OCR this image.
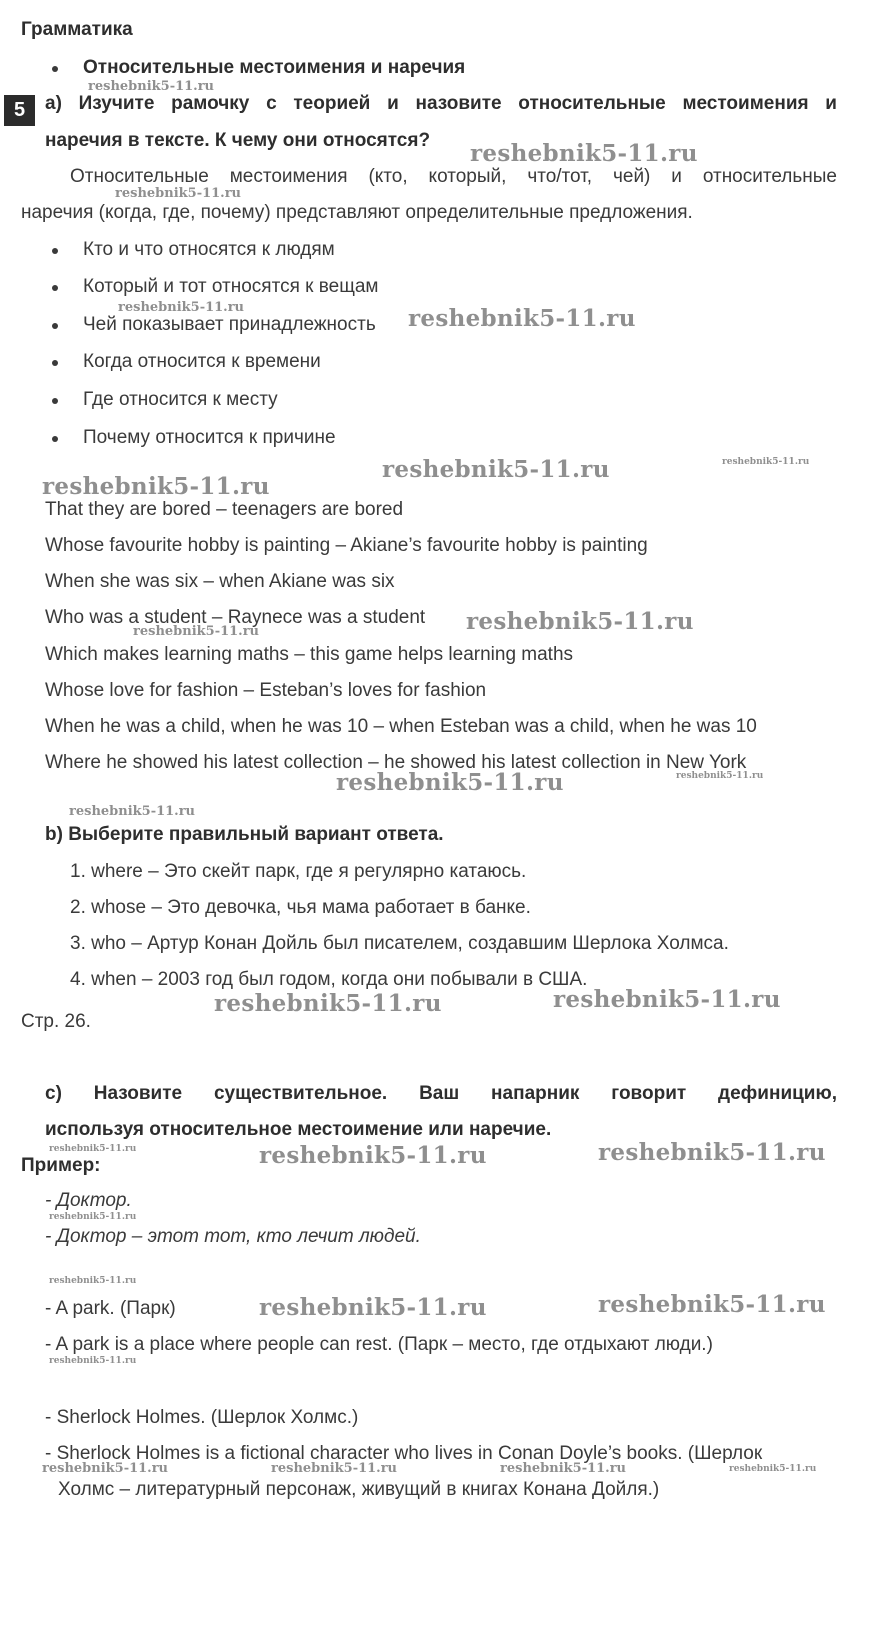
Грамматика
Относительные местоимения и наречия
5	а) Изучите рамочку с теорией и назовите относительные местоимения и
наречия в тексте. К чему они относятся?
Относительные местоимения (кто, который, что/тот, чей) и относительные
наречия (когда, где, почему) представляют определительные предложения.
Кто и что относятся к людям
Который и тот относятся к вещам
Чей показывает принадлежность
Когда относится к времени
Где относится к месту
Почему относится к причине
That they are bored – teenagers are bored
Whose favourite hobby is painting – Akiane’s favourite hobby is painting
When she was six – when Akiane was six
Who was a student – Raynece was a student
Which makes learning maths – this game helps learning maths
Whose love for fashion – Esteban’s loves for fashion
When he was a child, when he was 10 – when Esteban was a child, when he was 10
Where he showed his latest collection – he showed his latest collection in New York
b) Выберите правильный вариант ответа.
1. where – Это скейт парк, где я регулярно катаюсь.
2. whose – Это девочка, чья мама работает в банке.
3. who – Артур Конан Дойль был писателем, создавшим Шерлока Холмса.
4. when – 2003 год был годом, когда они побывали в США.
Стр. 26.
с) Назовите существительное. Ваш напарник говорит дефиницию,
используя относительное местоимение или наречие.
Пример:
- Доктор.
- Доктор – этот тот, кто лечит людей.
- A park. (Парк)
- A park is a place where people can rest. (Парк – место, где отдыхают люди.)
- Sherlock Holmes. (Шерлок Холмс.)
- Sherlock Holmes is a fictional character who lives in Conan Doyle’s books. (Шерлок
Холмс – литературный персонаж, живущий в книгах Конана Дойля.)
reshebnik5-11.ru
reshebnik5-11.ru
reshebnik5-11.ru
reshebnik5-11.ru	reshebnik5-11.ru
reshebnik5-11.ru	reshebnik5-11.ru
reshebnik5-11.ru
reshebnik5-11.ru
reshebnik5-11.ru
reshebnik5-11.ru
reshebnik5-11.ru
reshebnik5-11.ru
reshebnik5-11.ru	reshebnik5-11.ru
reshebnik5-11.ru	reshebnik5-11.ru	reshebnik5-11.ru
reshebnik5-11.ru
reshebnik5-11.ru
reshebnik5-11.ru	reshebnik5-11.ru
reshebnik5-11.ru
reshebnik5-11.ru	reshebnik5-11.ru	reshebnik5-11.ru	reshebnik5-11.ru
